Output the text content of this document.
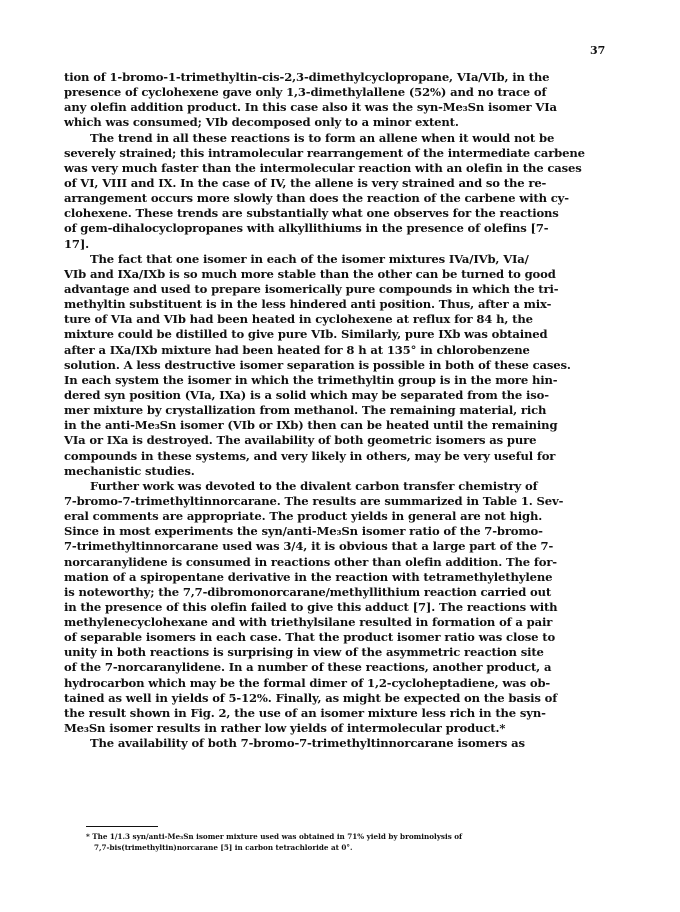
37
tion of 1-bromo-1-trimethyltin-cis-2,3-dimethylcyclopropane, VIa/VIb, in the
presence of cyclohexene gave only 1,3-dimethylallene (52%) and no trace of
any olefin addition product. In this case also it was the syn-Me₃Sn isomer VIa
which was consumed; VIb decomposed only to a minor extent.
The trend in all these reactions is to form an allene when it would not be
severely strained; this intramolecular rearrangement of the intermediate carbene
was very much faster than the intermolecular reaction with an olefin in the cases
of VI, VIII and IX. In the case of IV, the allene is very strained and so the re-
arrangement occurs more slowly than does the reaction of the carbene with cy-
clohexene. These trends are substantially what one observes for the reactions
of gem-dihalocyclopropanes with alkyllithiums in the presence of olefins [7-
17].
The fact that one isomer in each of the isomer mixtures IVa/IVb, VIa/
VIb and IXa/IXb is so much more stable than the other can be turned to good
advantage and used to prepare isomerically pure compounds in which the tri-
methyltin substituent is in the less hindered anti position. Thus, after a mix-
ture of VIa and VIb had been heated in cyclohexene at reflux for 84 h, the
mixture could be distilled to give pure VIb. Similarly, pure IXb was obtained
after a IXa/IXb mixture had been heated for 8 h at 135° in chlorobenzene
solution. A less destructive isomer separation is possible in both of these cases.
In each system the isomer in which the trimethyltin group is in the more hin-
dered syn position (VIa, IXa) is a solid which may be separated from the iso-
mer mixture by crystallization from methanol. The remaining material, rich
in the anti-Me₃Sn isomer (VIb or IXb) then can be heated until the remaining
VIa or IXa is destroyed. The availability of both geometric isomers as pure
compounds in these systems, and very likely in others, may be very useful for
mechanistic studies.
Further work was devoted to the divalent carbon transfer chemistry of
7-bromo-7-trimethyltinnorcarane. The results are summarized in Table 1. Sev-
eral comments are appropriate. The product yields in general are not high.
Since in most experiments the syn/anti-Me₃Sn isomer ratio of the 7-bromo-
7-trimethyltinnorcarane used was 3/4, it is obvious that a large part of the 7-
norcaranylidene is consumed in reactions other than olefin addition. The for-
mation of a spiropentane derivative in the reaction with tetramethylethylene
is noteworthy; the 7,7-dibromonorcarane/methyllithium reaction carried out
in the presence of this olefin failed to give this adduct [7]. The reactions with
methylenecyclohexane and with triethylsilane resulted in formation of a pair
of separable isomers in each case. That the product isomer ratio was close to
unity in both reactions is surprising in view of the asymmetric reaction site
of the 7-norcaranylidene. In a number of these reactions, another product, a
hydrocarbon which may be the formal dimer of 1,2-cycloheptadiene, was ob-
tained as well in yields of 5-12%. Finally, as might be expected on the basis of
the result shown in Fig. 2, the use of an isomer mixture less rich in the syn-
Me₃Sn isomer results in rather low yields of intermolecular product.*
The availability of both 7-bromo-7-trimethyltinnorcarane isomers as
* The 1/1.3 syn/anti-Me₃Sn isomer mixture used was obtained in 71% yield by brominolysis of
7,7-bis(trimethyltin)norcarane [5] in carbon tetrachloride at 0°.
